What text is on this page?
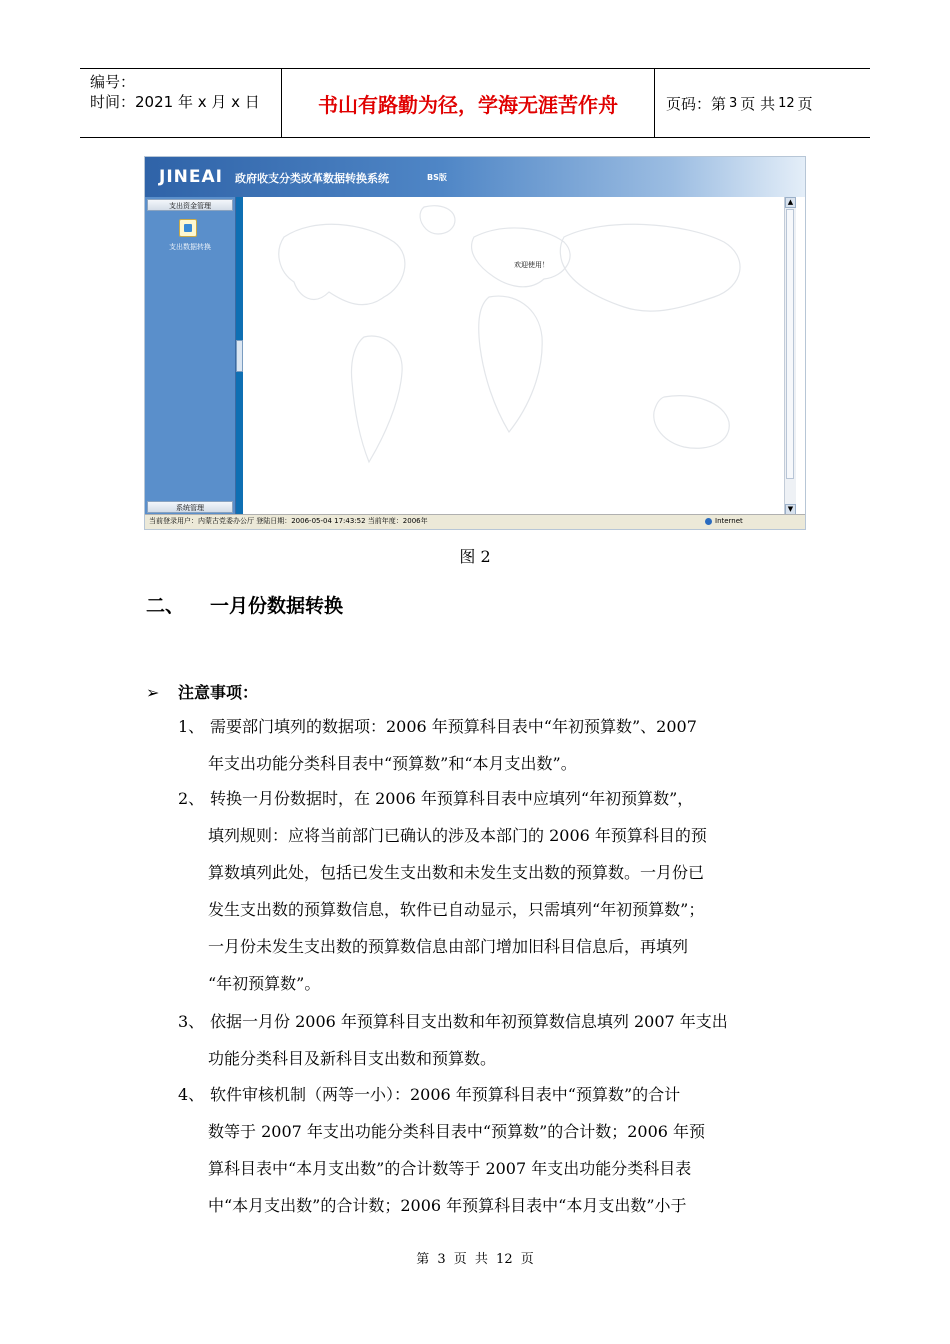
编号：
时间：2021 年 x 月 x 日	书山有路勤为径，学海无涯苦作舟	页码：第 3 页 共 12 页
JINEAI 政府收支分类改革数据转换系统	BS版
支出资金管理
支出数据转换
系统管理
欢迎使用！
▲
▼
当前登录用户：内蒙古党委办公厅 登陆日期：2006-05-04 17:43:52 当前年度：2006年	Internet
图 2
二、 一月份数据转换
➢ 注意事项：

1、 需要部门填列的数据项：2006 年预算科目表中“年初预算数”、2007

年支出功能分类科目表中“预算数”和“本月支出数”。

2、 转换一月份数据时，在 2006 年预算科目表中应填列“年初预算数”，

填列规则：应将当前部门已确认的涉及本部门的 2006 年预算科目的预

算数填列此处，包括已发生支出数和未发生支出数的预算数。一月份已

发生支出数的预算数信息，软件已自动显示，只需填列“年初预算数”；

一月份未发生支出数的预算数信息由部门增加旧科目信息后，再填列

“年初预算数”。

3、 依据一月份 2006 年预算科目支出数和年初预算数信息填列 2007 年支出

功能分类科目及新科目支出数和预算数。

4、 软件审核机制（两等一小）：2006 年预算科目表中“预算数”的合计

数等于 2007 年支出功能分类科目表中“预算数”的合计数；2006 年预

算科目表中“本月支出数”的合计数等于 2007 年支出功能分类科目表

中“本月支出数”的合计数；2006 年预算科目表中“本月支出数”小于

第 3 页 共 12 页
